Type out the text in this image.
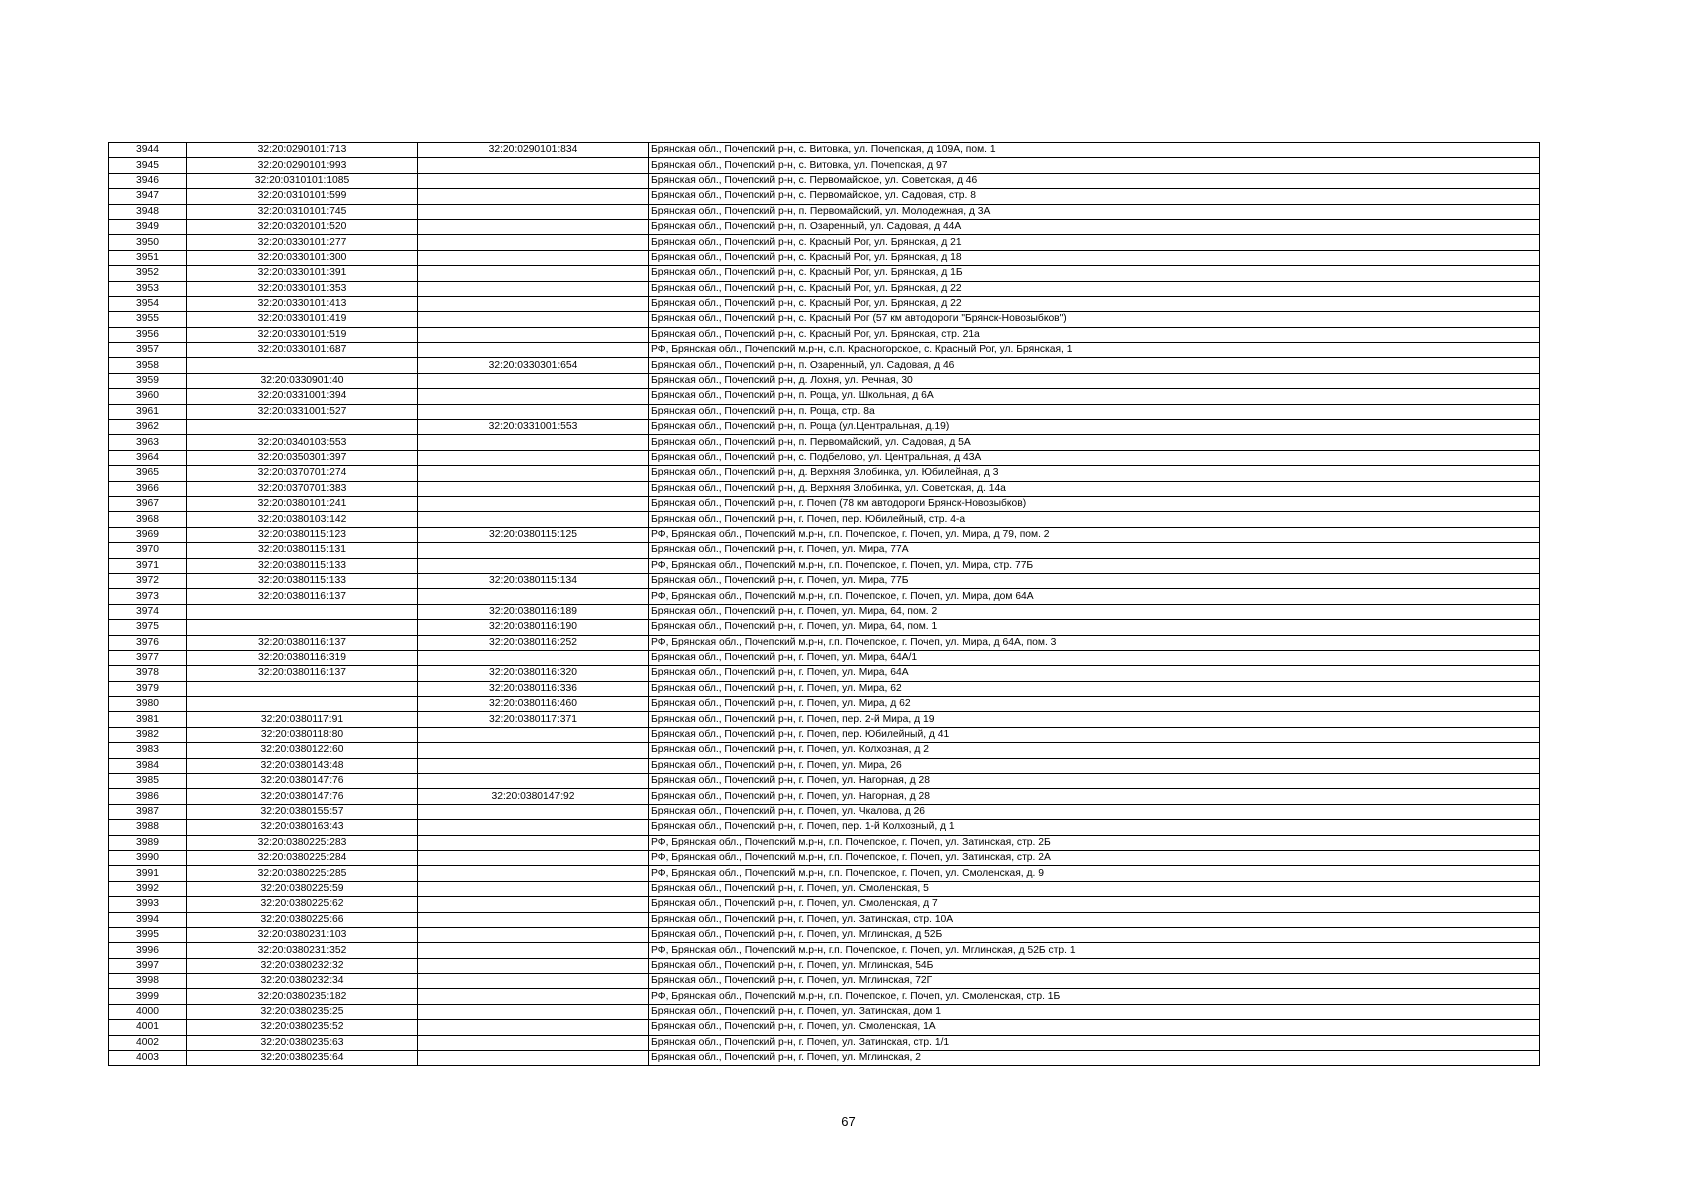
3944	32:20:0290101:713	32:20:0290101:834	Брянская обл., Почепский р-н, с. Витовка, ул. Почепская, д 109А, пом. 1
3945	32:20:0290101:993		Брянская обл., Почепский р-н, с. Витовка, ул. Почепская, д 97
3946	32:20:0310101:1085		Брянская обл., Почепский р-н, с. Первомайское, ул. Советская, д 46
3947	32:20:0310101:599		Брянская обл., Почепский р-н, с. Первомайское, ул. Садовая, стр. 8
3948	32:20:0310101:745		Брянская обл., Почепский р-н, п. Первомайский, ул. Молодежная, д 3А
3949	32:20:0320101:520		Брянская обл., Почепский р-н, п. Озаренный, ул. Садовая, д 44А
3950	32:20:0330101:277		Брянская обл., Почепский р-н, с. Красный Рог, ул. Брянская, д 21
3951	32:20:0330101:300		Брянская обл., Почепский р-н, с. Красный Рог, ул. Брянская, д 18
3952	32:20:0330101:391		Брянская обл., Почепский р-н, с. Красный Рог, ул. Брянская, д 1Б
3953	32:20:0330101:353		Брянская обл., Почепский р-н, с. Красный Рог, ул. Брянская, д 22
3954	32:20:0330101:413		Брянская обл., Почепский р-н, с. Красный Рог, ул. Брянская, д 22
3955	32:20:0330101:419		Брянская обл., Почепский р-н, с. Красный Рог (57 км автодороги "Брянск-Новозыбков")
3956	32:20:0330101:519		Брянская обл., Почепский р-н, с. Красный Рог, ул. Брянская, стр. 21а
3957	32:20:0330101:687		РФ, Брянская обл., Почепский м.р-н, с.п. Красногорское, с. Красный Рог, ул. Брянская, 1
3958		32:20:0330301:654	Брянская обл., Почепский р-н, п. Озаренный, ул. Садовая, д 46
3959	32:20:0330901:40		Брянская обл., Почепский р-н, д. Лохня, ул. Речная, 30
3960	32:20:0331001:394		Брянская обл., Почепский р-н, п. Роща, ул. Школьная, д 6А
3961	32:20:0331001:527		Брянская обл., Почепский р-н, п. Роща, стр. 8а
3962		32:20:0331001:553	Брянская обл., Почепский р-н, п. Роща (ул.Центральная, д.19)
3963	32:20:0340103:553		Брянская обл., Почепский р-н, п. Первомайский, ул. Садовая, д 5А
3964	32:20:0350301:397		Брянская обл., Почепский р-н, с. Подбелово, ул. Центральная, д 43А
3965	32:20:0370701:274		Брянская обл., Почепский р-н, д. Верхняя Злобинка, ул. Юбилейная, д 3
3966	32:20:0370701:383		Брянская обл., Почепский р-н, д. Верхняя Злобинка, ул. Советская, д. 14а
3967	32:20:0380101:241		Брянская обл., Почепский р-н, г. Почеп (78 км автодороги Брянск-Новозыбков)
3968	32:20:0380103:142		Брянская обл., Почепский р-н, г. Почеп, пер. Юбилейный, стр. 4-а
3969	32:20:0380115:123	32:20:0380115:125	РФ, Брянская обл., Почепский м.р-н, г.п. Почепское, г. Почеп, ул. Мира, д 79, пом. 2
3970	32:20:0380115:131		Брянская обл., Почепский р-н, г. Почеп, ул. Мира, 77А
3971	32:20:0380115:133		РФ, Брянская обл., Почепский м.р-н, г.п. Почепское, г. Почеп, ул. Мира, стр. 77Б
3972	32:20:0380115:133	32:20:0380115:134	Брянская обл., Почепский р-н, г. Почеп, ул. Мира, 77Б
3973	32:20:0380116:137		РФ, Брянская обл., Почепский м.р-н, г.п. Почепское, г. Почеп, ул. Мира, дом 64А
3974		32:20:0380116:189	Брянская обл., Почепский р-н, г. Почеп, ул. Мира, 64, пом. 2
3975		32:20:0380116:190	Брянская обл., Почепский р-н, г. Почеп, ул. Мира, 64, пом. 1
3976	32:20:0380116:137	32:20:0380116:252	РФ, Брянская обл., Почепский м.р-н, г.п. Почепское, г. Почеп, ул. Мира, д 64А, пом. 3
3977	32:20:0380116:319		Брянская обл., Почепский р-н, г. Почеп, ул. Мира, 64А/1
3978	32:20:0380116:137	32:20:0380116:320	Брянская обл., Почепский р-н, г. Почеп, ул. Мира, 64А
3979		32:20:0380116:336	Брянская обл., Почепский р-н, г. Почеп, ул. Мира, 62
3980		32:20:0380116:460	Брянская обл., Почепский р-н, г. Почеп, ул. Мира, д 62
3981	32:20:0380117:91	32:20:0380117:371	Брянская обл., Почепский р-н, г. Почеп, пер. 2-й Мира, д 19
3982	32:20:0380118:80		Брянская обл., Почепский р-н, г. Почеп, пер. Юбилейный, д 41
3983	32:20:0380122:60		Брянская обл., Почепский р-н, г. Почеп, ул. Колхозная, д 2
3984	32:20:0380143:48		Брянская обл., Почепский р-н, г. Почеп, ул. Мира, 26
3985	32:20:0380147:76		Брянская обл., Почепский р-н, г. Почеп, ул. Нагорная, д 28
3986	32:20:0380147:76	32:20:0380147:92	Брянская обл., Почепский р-н, г. Почеп, ул. Нагорная, д 28
3987	32:20:0380155:57		Брянская обл., Почепский р-н, г. Почеп, ул. Чкалова, д 26
3988	32:20:0380163:43		Брянская обл., Почепский р-н, г. Почеп, пер. 1-й Колхозный, д 1
3989	32:20:0380225:283		РФ, Брянская обл., Почепский м.р-н, г.п. Почепское, г. Почеп, ул. Затинская, стр. 2Б
3990	32:20:0380225:284		РФ, Брянская обл., Почепский м.р-н, г.п. Почепское, г. Почеп, ул. Затинская, стр. 2А
3991	32:20:0380225:285		РФ, Брянская обл., Почепский м.р-н, г.п. Почепское, г. Почеп, ул. Смоленская, д. 9
3992	32:20:0380225:59		Брянская обл., Почепский р-н, г. Почеп, ул. Смоленская, 5
3993	32:20:0380225:62		Брянская обл., Почепский р-н, г. Почеп, ул. Смоленская, д 7
3994	32:20:0380225:66		Брянская обл., Почепский р-н, г. Почеп, ул. Затинская, стр. 10А
3995	32:20:0380231:103		Брянская обл., Почепский р-н, г. Почеп, ул. Мглинская, д 52Б
3996	32:20:0380231:352		РФ, Брянская обл., Почепский м.р-н, г.п. Почепское, г. Почеп, ул. Мглинская, д 52Б стр. 1
3997	32:20:0380232:32		Брянская обл., Почепский р-н, г. Почеп, ул. Мглинская, 54Б
3998	32:20:0380232:34		Брянская обл., Почепский р-н, г. Почеп, ул. Мглинская, 72Г
3999	32:20:0380235:182		РФ, Брянская обл., Почепский м.р-н, г.п. Почепское, г. Почеп, ул. Смоленская, стр. 1Б
4000	32:20:0380235:25		Брянская обл., Почепский р-н, г. Почеп, ул. Затинская, дом 1
4001	32:20:0380235:52		Брянская обл., Почепский р-н, г. Почеп, ул. Смоленская, 1А
4002	32:20:0380235:63		Брянская обл., Почепский р-н, г. Почеп, ул. Затинская, стр. 1/1
4003	32:20:0380235:64		Брянская обл., Почепский р-н, г. Почеп, ул. Мглинская, 2
67
